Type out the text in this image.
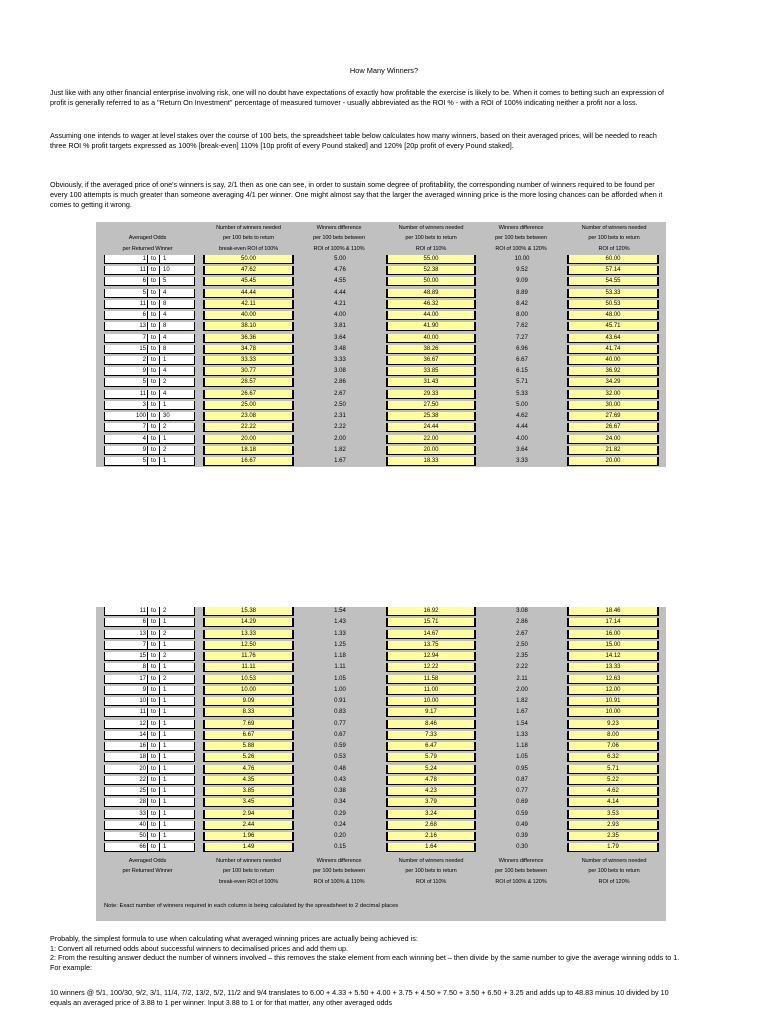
How Many Winners?
Just like with any other financial enterprise involving risk, one will no doubt have expectations of exactly how profitable the exercise is likely to be. When it comes to betting such an expression of profit is generally referred to as a "Return On Investment" percentage of measured turnover - usually abbreviated as the ROI % - with a ROI of 100% indicating neither a profit nor a loss.
Assuming one intends to wager at level stakes over the course of 100 bets, the spreadsheet table below calculates how many winners, based on their averaged prices, will be needed to reach three ROI % profit targets expressed as 100% [break-even] 110% [10p profit of every Pound staked] and 120% [20p profit of every Pound staked].
Obviously, if the averaged price of one's winners is say, 2/1 then as one can see, in order to sustain some degree of profitability, the corresponding number of winners required to be found per every 100 attempts is much greater than someone averaging 4/1 per winner. One might almost say that the larger the averaged winning price is the more losing chances can be afforded when it comes to getting it wrong.
Averaged Odds
per Returned Winner
Number of winners needed
per 100 bets to return
break-even ROI of 100%
Winners difference
per 100 bets between
ROI of 100% & 110%
Number of winners needed
per 100 bets to return
ROI of 110%
Winners difference
per 100 bets between
ROI of 100% & 120%
Number of winners needed
per 100 bets to return
ROI of 120%
1 to	1	50.00	5.00	55.00	10.00	60.00
11 to	10	47.62	4.76	52.38	9.52	57.14
6 to	5	45.45	4.55	50.00	9.09	54.55
5 to	4	44.44	4.44	48.89	8.89	53.33
11 to	8	42.11	4.21	46.32	8.42	50.53
6 to	4	40.00	4.00	44.00	8.00	48.00
13 to	8	38.10	3.81	41.90	7.62	45.71
7 to	4	36.36	3.64	40.00	7.27	43.64
15 to	8	34.78	3.48	38.26	6.96	41.74
2 to	1	33.33	3.33	36.67	6.67	40.00
9 to	4	30.77	3.08	33.85	6.15	36.92
5 to	2	28.57	2.86	31.43	5.71	34.29
11 to	4	26.67	2.67	29.33	5.33	32.00
3 to	1	25.00	2.50	27.50	5.00	30.00
100 to	30	23.08	2.31	25.38	4.62	27.69
7 to	2	22.22	2.22	24.44	4.44	26.67
4 to	1	20.00	2.00	22.00	4.00	24.00
9 to	2	18.18	1.82	20.00	3.64	21.82
5 to	1	16.67	1.67	18.33	3.33	20.00
11 to	2	15.38	1.54	16.92	3.08	18.46
6 to	1	14.29	1.43	15.71	2.86	17.14
13 to	2	13.33	1.33	14.67	2.67	16.00
7 to	1	12.50	1.25	13.75	2.50	15.00
15 to	2	11.76	1.18	12.94	2.35	14.12
8 to	1	11.11	1.11	12.22	2.22	13.33
17 to	2	10.53	1.05	11.58	2.11	12.63
9 to	1	10.00	1.00	11.00	2.00	12.00
10 to	1	9.09	0.91	10.00	1.82	10.91
11 to	1	8.33	0.83	9.17	1.67	10.00
12 to	1	7.69	0.77	8.46	1.54	9.23
14 to	1	6.67	0.67	7.33	1.33	8.00
16 to	1	5.88	0.59	6.47	1.18	7.06
18 to	1	5.26	0.53	5.79	1.05	6.32
20 to	1	4.76	0.48	5.24	0.95	5.71
22 to	1	4.35	0.43	4.78	0.87	5.22
25 to	1	3.85	0.38	4.23	0.77	4.62
28 to	1	3.45	0.34	3.79	0.69	4.14
33 to	1	2.94	0.29	3.24	0.59	3.53
40 to	1	2.44	0.24	2.68	0.49	2.93
50 to	1	1.96	0.20	2.16	0.39	2.35
66 to	1	1.49	0.15	1.64	0.30	1.79
Averaged Odds
per Returned Winner
Number of winners needed
per 100 bets to return
break-even ROI of 100%
Winners difference
per 100 bets between
ROI of 100% & 110%
Number of winners needed
per 100 bets to return
ROI of 110%
Winners difference
per 100 bets between
ROI of 100% & 120%
Number of winners needed
per 100 bets to return
ROI of 120%
Note: Exact number of winners required in each column is being calculated by the spreadsheet to 2 decimal places
Probably, the simplest formula to use when calculating what averaged winning prices are actually being achieved is:
1: Convert all returned odds about successful winners to decimalised prices and add them up.
2: From the resulting answer deduct the number of winners involved – this removes the stake element from each winning bet – then divide by the same number to give the average winning odds to 1. For example:
10 winners @ 5/1, 100/30, 9/2, 3/1, 11/4, 7/2, 13/2, 5/2, 11/2 and 9/4 translates to 6.00 + 4.33 + 5.50 + 4.00 + 3.75 + 4.50 + 7.50 + 3.50 + 6.50 + 3.25 and adds up to 48.83 minus 10 divided by 10 equals an averaged price of 3.88 to 1 per winner. Input 3.88 to 1 or for that matter, any other averaged odds
